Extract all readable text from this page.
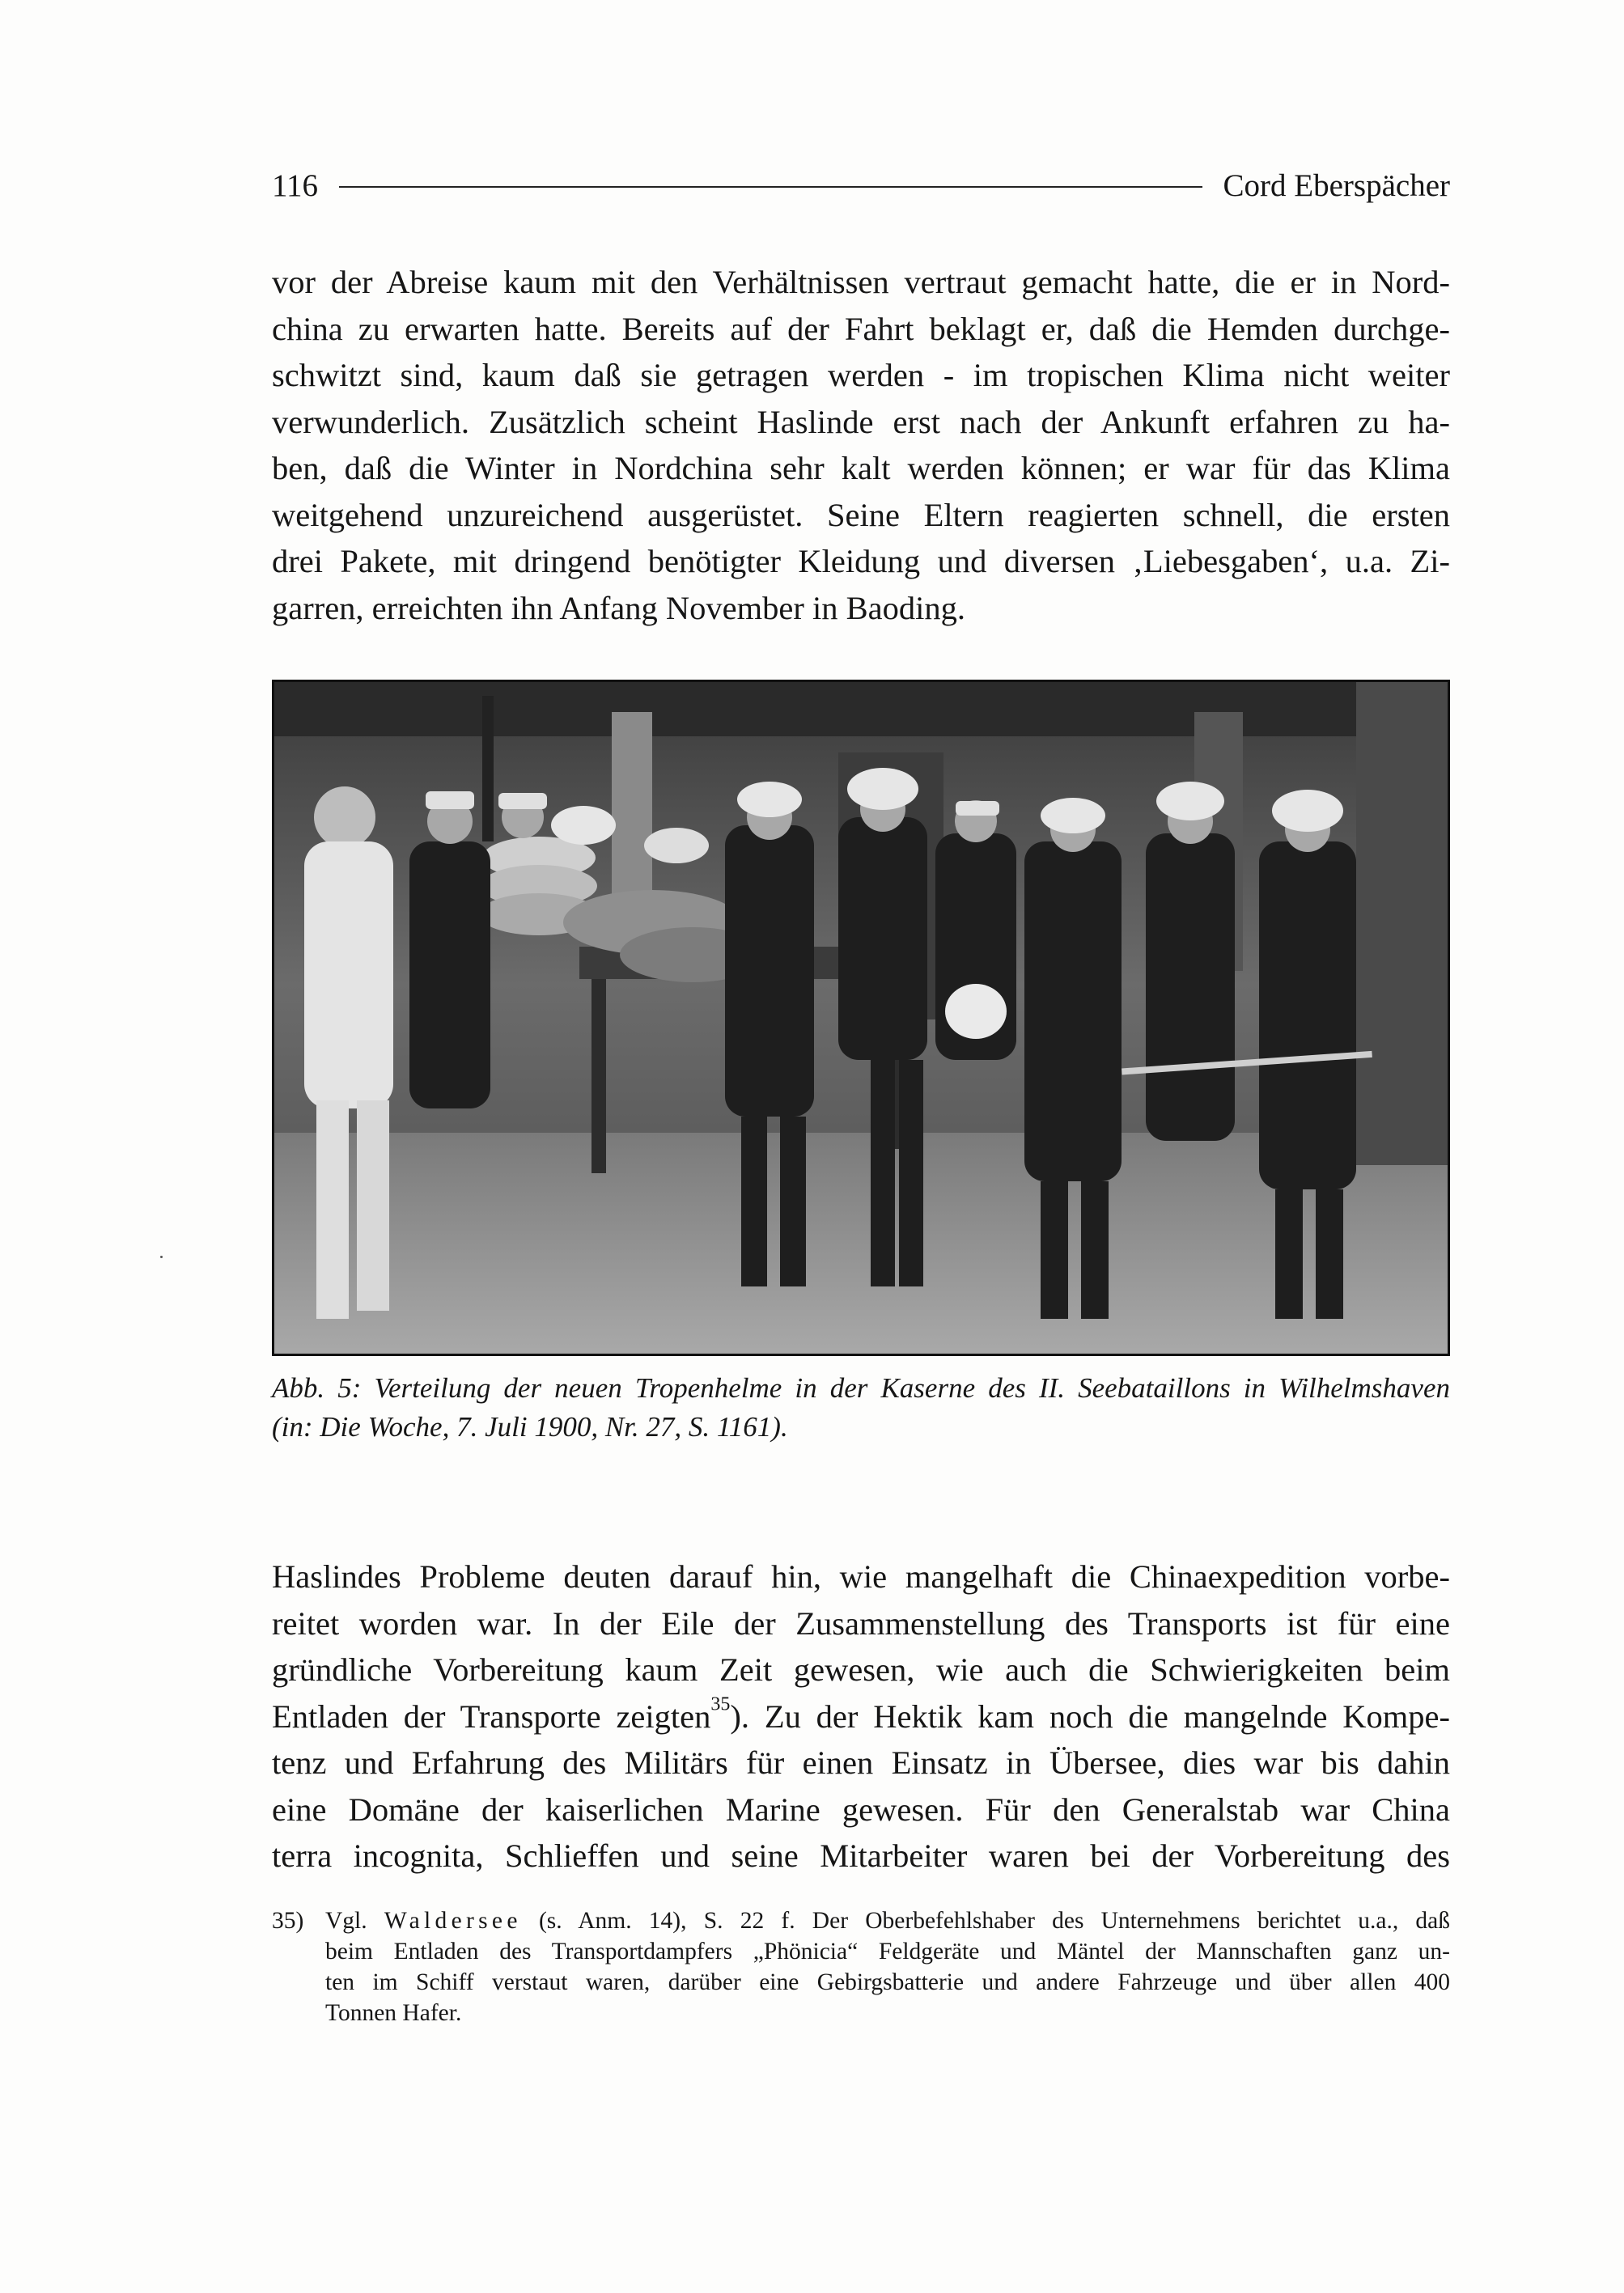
116	Cord Eberspächer

vor der Abreise kaum mit den Verhältnissen vertraut gemacht hatte, die er in Nord-
china zu erwarten hatte. Bereits auf der Fahrt beklagt er, daß die Hemden durchge-
schwitzt sind, kaum daß sie getragen werden - im tropischen Klima nicht weiter
verwunderlich. Zusätzlich scheint Haslinde erst nach der Ankunft erfahren zu ha-
ben, daß die Winter in Nordchina sehr kalt werden können; er war für das Klima
weitgehend unzureichend ausgerüstet. Seine Eltern reagierten schnell, die ersten
drei Pakete, mit dringend benötigter Kleidung und diversen ‚Liebesgaben‘, u.a. Zi-
garren, erreichten ihn Anfang November in Baoding.

Abb. 5: Verteilung der neuen Tropenhelme in der Kaserne des II. Seebataillons in Wilhelmshaven
(in: Die Woche, 7. Juli 1900, Nr. 27, S. 1161).

Haslindes Probleme deuten darauf hin, wie mangelhaft die Chinaexpedition vorbe-
reitet worden war. In der Eile der Zusammenstellung des Transports ist für eine
gründliche Vorbereitung kaum Zeit gewesen, wie auch die Schwierigkeiten beim
Entladen der Transporte zeigten$^{35}$). Zu der Hektik kam noch die mangelnde Kompe-
tenz und Erfahrung des Militärs für einen Einsatz in Übersee, dies war bis dahin
eine Domäne der kaiserlichen Marine gewesen. Für den Generalstab war China
terra incognita, Schlieffen und seine Mitarbeiter waren bei der Vorbereitung des

35) Vgl. Waldersee (s. Anm. 14), S. 22 f. Der Oberbefehlshaber des Unternehmens berichtet u.a., daß
beim Entladen des Transportdampfers „Phönicia“ Feldgeräte und Mäntel der Mannschaften ganz un-
ten im Schiff verstaut waren, darüber eine Gebirgsbatterie und andere Fahrzeuge und über allen 400
Tonnen Hafer.
